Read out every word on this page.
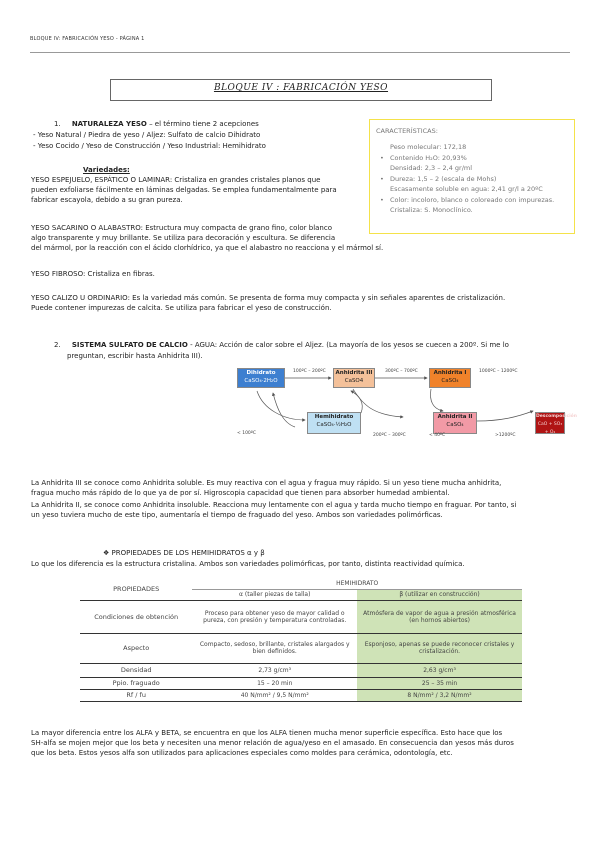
BLOQUE IV: FABRICACIÓN YESO - PÁGINA 1
BLOQUE IV : FABRICACIÓN YESO
1. NATURALEZA YESO – el término tiene 2 acepciones
- Yeso Natural / Piedra de yeso / Aljez: Sulfato de calcio Dihidrato
- Yeso Cocido / Yeso de Construcción / Yeso Industrial: Hemihidrato
Variedades:
YESO ESPEJUELO, ESPÁTICO O LAMINAR: Cristaliza en grandes cristales planos que
pueden exfoliarse fácilmente en láminas delgadas. Se emplea fundamentalmente para
fabricar escayola, debido a su gran pureza.
YESO SACARINO O ALABASTRO: Estructura muy compacta de grano fino, color blanco
algo transparente y muy brillante. Se utiliza para decoración y escultura. Se diferencia
del mármol, por la reacción con el ácido clorhídrico, ya que el alabastro no reacciona y el mármol sí.
YESO FIBROSO: Cristaliza en fibras.
YESO CALIZO U ORDINARIO: Es la variedad más común. Se presenta de forma muy compacta y sin señales aparentes de cristalización.
Puede contener impurezas de calcita. Se utiliza para fabricar el yeso de construcción.
CARACTERÍSTICAS:
Peso molecular: 172,18
• Contenido H₂O: 20,93%
Densidad: 2,3 – 2,4 gr/ml
• Dureza: 1,5 – 2 (escala de Mohs)
Escasamente soluble en agua: 2,41 gr/l a 20ºC
• Color: incoloro, blanco o coloreado con impurezas.
Cristaliza: S. Monoclínico.
2. SISTEMA SULFATO DE CALCIO - AGUA: Acción de calor sobre el Aljez. (La mayoría de los yesos se cuecen a 200º. Si me lo
preguntan, escribir hasta Anhidrita III).
Dihidrato
CaSO₄·2H₂O
Anhidrita III
CaSO4
Anhidrita I
CaSO₄
Hemihidrato
CaSO₄·½H₂O
Anhidrita II
CaSO₄
Descomposición
CaO + SO₃ + O₂
100ºC – 200ºC	300ºC – 700ºC	1000ºC – 1200ºC
>1200ºC
200ºC – 300ºC
< 100ºC	< 40ºC
La Anhidrita III se conoce como Anhidrita soluble. Es muy reactiva con el agua y fragua muy rápido. Si un yeso tiene mucha anhidrita,
fragua mucho más rápido de lo que ya de por sí. Higroscopia capacidad que tienen para absorber humedad ambiental.
La Anhidrita II, se conoce como Anhidrita insoluble. Reacciona muy lentamente con el agua y tarda mucho tiempo en fraguar. Por tanto, si
un yeso tuviera mucho de este tipo, aumentaría el tiempo de fraguado del yeso. Ambos son variedades polimórficas.
❖ PROPIEDADES DE LOS HEMIHIDRATOS α y β
Lo que los diferencia es la estructura cristalina. Ambos son variedades polimórficas, por tanto, distinta reactividad química.
PROPIEDADES	HEMIHIDRATO	
	α (taller piezas de talla)	β (utilizar en construcción)
Condiciones de obtención	Proceso para obtener yeso de mayor calidad o pureza, con presión y temperatura controladas.	Atmósfera de vapor de agua a presión atmosférica (en hornos abiertos)
Aspecto	Compacto, sedoso, brillante, cristales alargados y bien definidos.	Esponjoso, apenas se puede reconocer cristales y cristalización.
Densidad	2,73 g/cm³	2,63 g/cm³
Ppio. fraguado	15 – 20 min	25 – 35 min
Rf / fu	40 N/mm² / 9,5 N/mm²	8 N/mm² / 3,2 N/mm²
La mayor diferencia entre los ALFA y BETA, se encuentra en que los ALFA tienen mucha menor superficie específica. Esto hace que los
SH-alfa se mojen mejor que los beta y necesiten una menor relación de agua/yeso en el amasado. En consecuencia dan yesos más duros
que los beta. Estos yesos alfa son utilizados para aplicaciones especiales como moldes para cerámica, odontología, etc.
